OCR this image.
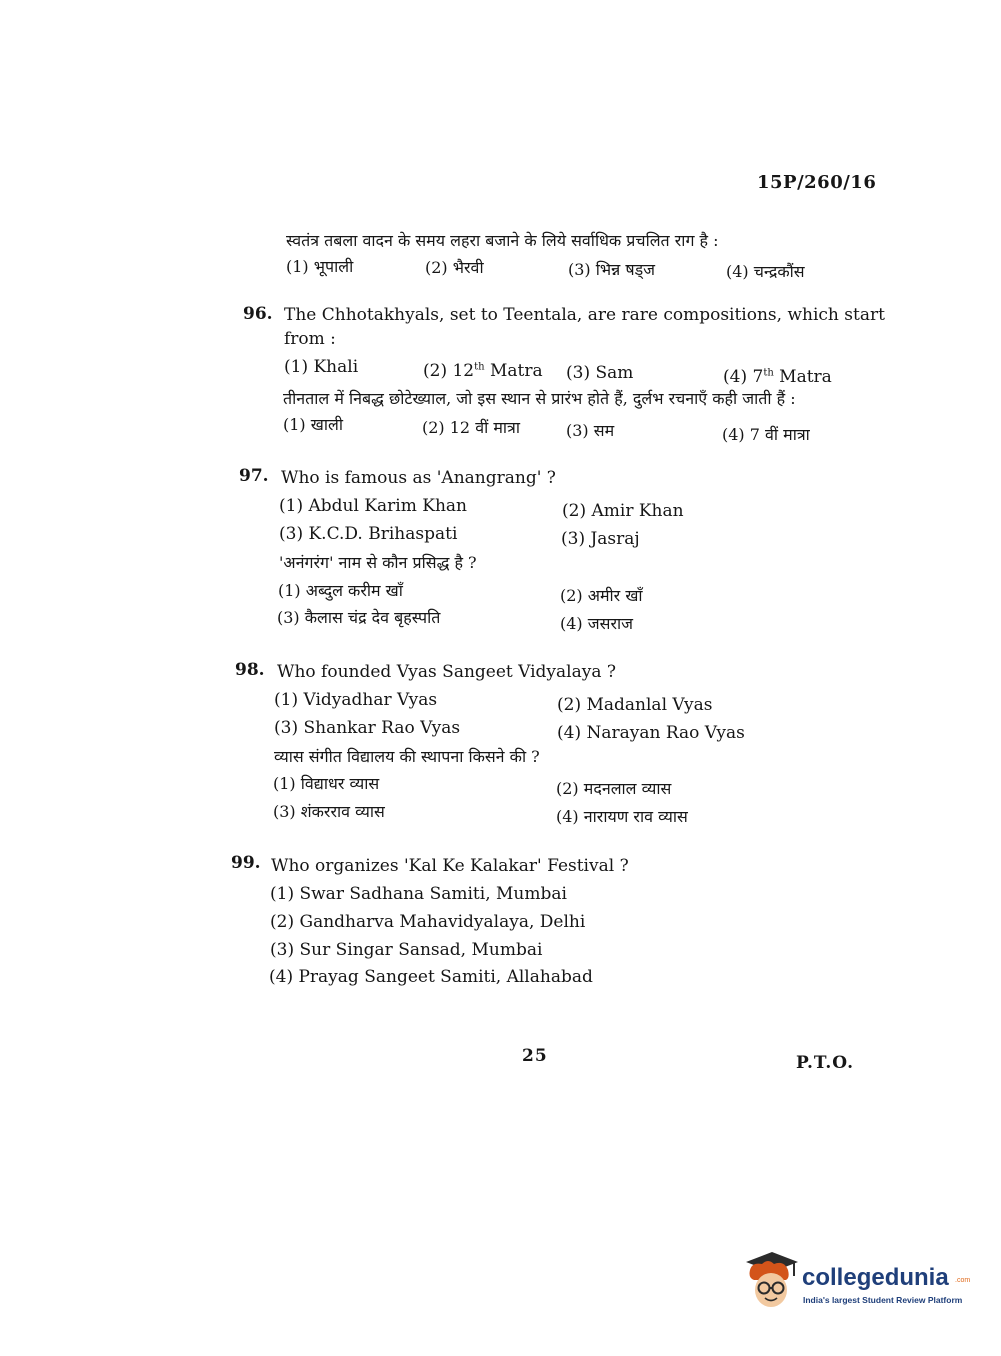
15P/260/16
स्वतंत्र तबला वादन के समय लहरा बजाने के लिये सर्वाधिक प्रचलित राग है :
(1) भूपाली	(2) भैरवी	(3) भिन्न षड्ज	(4) चन्द्रकौंस
96. The Chhotakhyals, set to Teentala, are rare compositions, which start
from :
(1) Khali	(2) 12th Matra (3) Sam	(4) 7th Matra
तीनताल में निबद्ध छोटेख्याल, जो इस स्थान से प्रारंभ होते हैं, दुर्लभ रचनाएँ कही जाती हैं :
(1) खाली	(2) 12 वीं मात्रा	(3) सम	(4) 7 वीं मात्रा
97. Who is famous as 'Anangrang' ?
(1) Abdul Karim Khan	(2) Amir Khan
(3) K.C.D. Brihaspati	(3) Jasraj
'अनंगरंग' नाम से कौन प्रसिद्ध है ?
(1) अब्दुल करीम खाँ	(2) अमीर खाँ
(3) कैलास चंद्र देव बृहस्पति	(4) जसराज
98. Who founded Vyas Sangeet Vidyalaya ?
(1) Vidyadhar Vyas	(2) Madanlal Vyas
(3) Shankar Rao Vyas	(4) Narayan Rao Vyas
व्यास संगीत विद्यालय की स्थापना किसने की ?
(1) विद्याधर व्यास	(2) मदनलाल व्यास
(3) शंकरराव व्यास	(4) नारायण राव व्यास
99. Who organizes 'Kal Ke Kalakar' Festival ?
(1) Swar Sadhana Samiti, Mumbai
(2) Gandharva Mahavidyalaya, Delhi
(3) Sur Singar Sansad, Mumbai
(4) Prayag Sangeet Samiti, Allahabad
25	P.T.O.
collegedunia .com
India's largest Student Review Platform
